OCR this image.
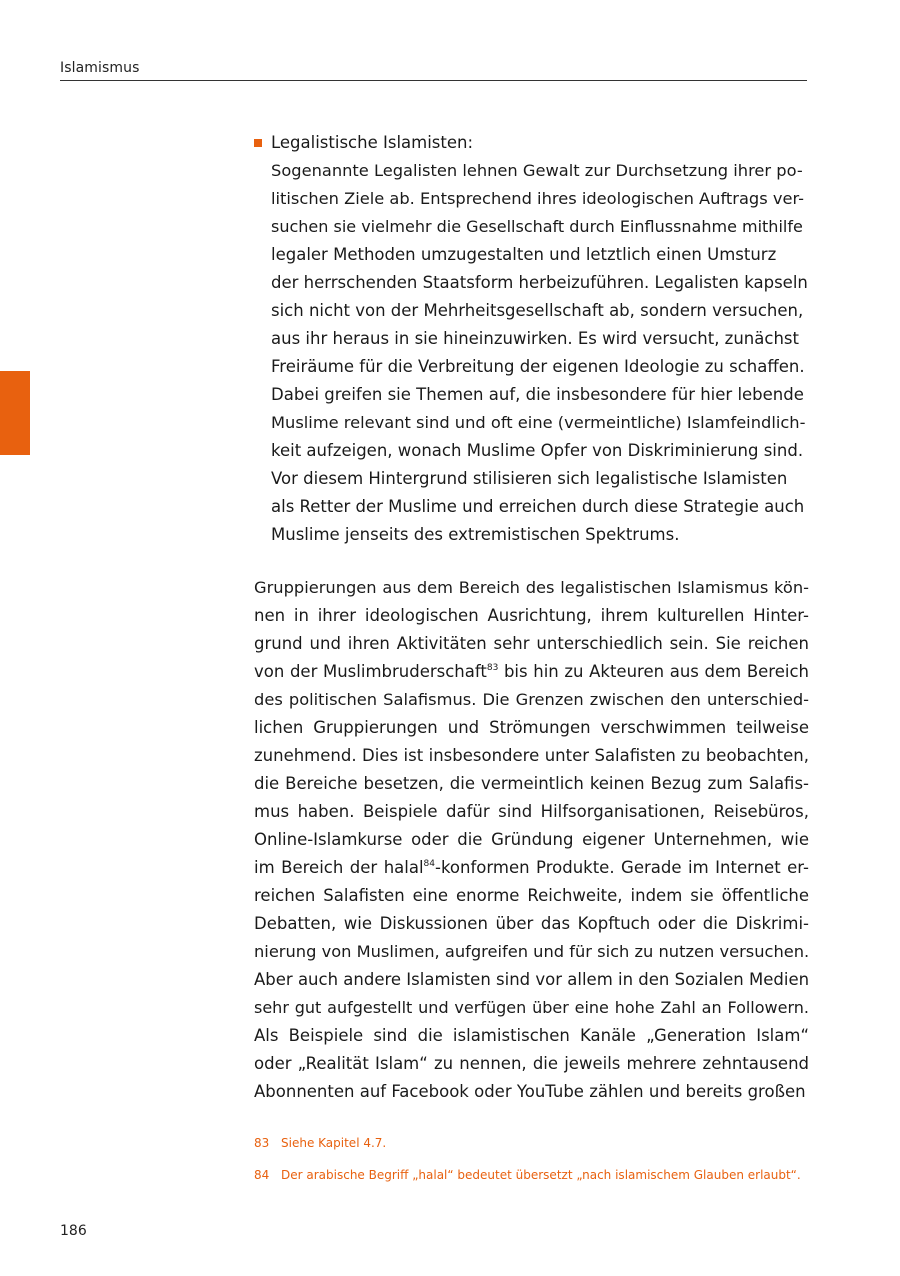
Islamismus
Legalistische Islamisten:
Sogenannte Legalisten lehnen Gewalt zur Durchsetzung ihrer po-
litischen Ziele ab. Entsprechend ihres ideologischen Auftrags ver-
suchen sie vielmehr die Gesellschaft durch Einflussnahme mithilfe
legaler Methoden umzugestalten und letztlich einen Umsturz
der herrschenden Staatsform herbeizuführen. Legalisten kapseln
sich nicht von der Mehrheitsgesellschaft ab, sondern versuchen,
aus ihr heraus in sie hineinzuwirken. Es wird versucht, zunächst
Freiräume für die Verbreitung der eigenen Ideologie zu schaffen.
Dabei greifen sie Themen auf, die insbesondere für hier lebende
Muslime relevant sind und oft eine (vermeintliche) Islamfeindlich-
keit aufzeigen, wonach Muslime Opfer von Diskriminierung sind.
Vor diesem Hintergrund stilisieren sich legalistische Islamisten
als Retter der Muslime und erreichen durch diese Strategie auch
Muslime jenseits des extremistischen Spektrums.
Gruppierungen aus dem Bereich des legalistischen Islamismus kön-
nen in ihrer ideologischen Ausrichtung, ihrem kulturellen Hinter-
grund und ihren Aktivitäten sehr unterschiedlich sein. Sie reichen
von der Muslimbruderschaft$^{83}$ bis hin zu Akteuren aus dem Bereich
des politischen Salafismus. Die Grenzen zwischen den unterschied-
lichen Gruppierungen und Strömungen verschwimmen teilweise
zunehmend. Dies ist insbesondere unter Salafisten zu beobachten,
die Bereiche besetzen, die vermeintlich keinen Bezug zum Salafis-
mus haben. Beispiele dafür sind Hilfsorganisationen, Reisebüros,
Online-Islamkurse oder die Gründung eigener Unternehmen, wie
im Bereich der halal$^{84}$-konformen Produkte. Gerade im Internet er-
reichen Salafisten eine enorme Reichweite, indem sie öffentliche
Debatten, wie Diskussionen über das Kopftuch oder die Diskrimi-
nierung von Muslimen, aufgreifen und für sich zu nutzen versuchen.
Aber auch andere Islamisten sind vor allem in den Sozialen Medien
sehr gut aufgestellt und verfügen über eine hohe Zahl an Followern.
Als Beispiele sind die islamistischen Kanäle „Generation Islam“
oder „Realität Islam“ zu nennen, die jeweils mehrere zehntausend
Abonnenten auf Facebook oder YouTube zählen und bereits großen
83 Siehe Kapitel 4.7.
84 Der arabische Begriff „halal“ bedeutet übersetzt „nach islamischem Glauben erlaubt“.
186
